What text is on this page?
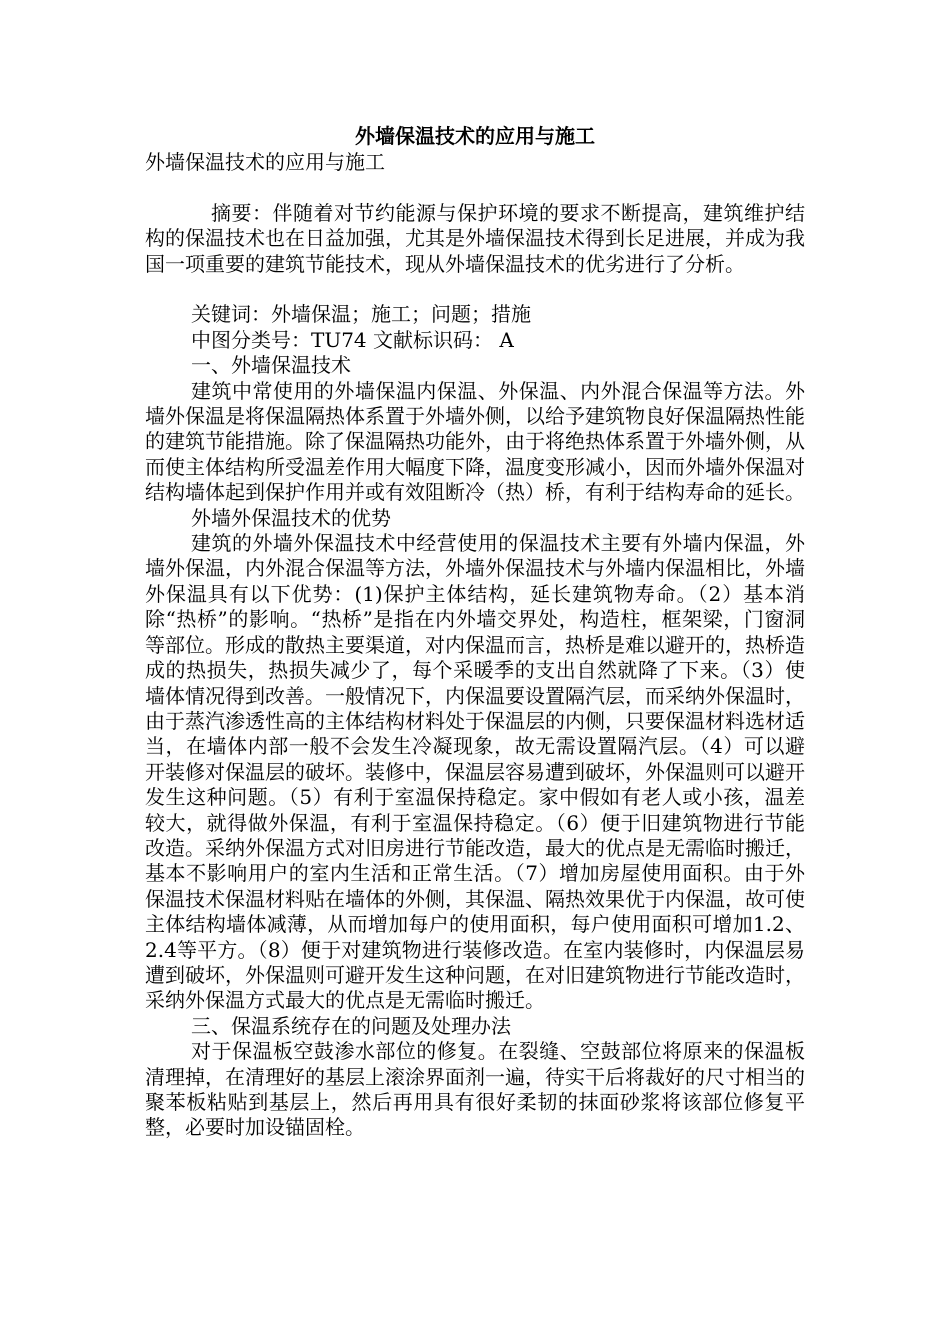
外墙保温技术的应用与施工

外墙保温技术的应用与施工

摘要：伴随着对节约能源与保护环境的要求不断提高，建筑维护结构的保温技术也在日益加强，尤其是外墙保温技术得到长足进展，并成为我国一项重要的建筑节能技术，现从外墙保温技术的优劣进行了分析。

关键词：外墙保温；施工；问题；措施

中图分类号：TU74 文献标识码： A

一、外墙保温技术

建筑中常使用的外墙保温内保温、外保温、内外混合保温等方法。外墙外保温是将保温隔热体系置于外墙外侧，以给予建筑物良好保温隔热性能的建筑节能措施。除了保温隔热功能外，由于将绝热体系置于外墙外侧，从而使主体结构所受温差作用大幅度下降，温度变形减小，因而外墙外保温对结构墙体起到保护作用并或有效阻断冷（热）桥，有利于结构寿命的延长。

外墙外保温技术的优势

建筑的外墙外保温技术中经营使用的保温技术主要有外墙内保温，外墙外保温，内外混合保温等方法，外墙外保温技术与外墙内保温相比，外墙外保温具有以下优势：(1)保护主体结构，延长建筑物寿命。（2）基本消除“热桥”的影响。“热桥”是指在内外墙交界处，构造柱，框架梁，门窗洞等部位。形成的散热主要渠道，对内保温而言，热桥是难以避开的，热桥造成的热损失，热损失减少了，每个采暖季的支出自然就降了下来。（3）使墙体情况得到改善。一般情况下，内保温要设置隔汽层，而采纳外保温时，由于蒸汽渗透性高的主体结构材料处于保温层的内侧，只要保温材料选材适当，在墙体内部一般不会发生冷凝现象，故无需设置隔汽层。（4）可以避开装修对保温层的破坏。装修中，保温层容易遭到破坏，外保温则可以避开发生这种问题。（5）有利于室温保持稳定。家中假如有老人或小孩，温差较大，就得做外保温，有利于室温保持稳定。（6）便于旧建筑物进行节能改造。采纳外保温方式对旧房进行节能改造，最大的优点是无需临时搬迁，基本不影响用户的室内生活和正常生活。（7）增加房屋使用面积。由于外保温技术保温材料贴在墙体的外侧，其保温、隔热效果优于内保温，故可使主体结构墙体减薄，从而增加每户的使用面积，每户使用面积可增加1.2、2.4等平方。（8）便于对建筑物进行装修改造。在室内装修时，内保温层易遭到破坏，外保温则可避开发生这种问题，在对旧建筑物进行节能改造时，采纳外保温方式最大的优点是无需临时搬迁。

三、保温系统存在的问题及处理办法

对于保温板空鼓渗水部位的修复。在裂缝、空鼓部位将原来的保温板清理掉，在清理好的基层上滚涂界面剂一遍，待实干后将裁好的尺寸相当的聚苯板粘贴到基层上，然后再用具有很好柔韧的抹面砂浆将该部位修复平整，必要时加设锚固栓。
